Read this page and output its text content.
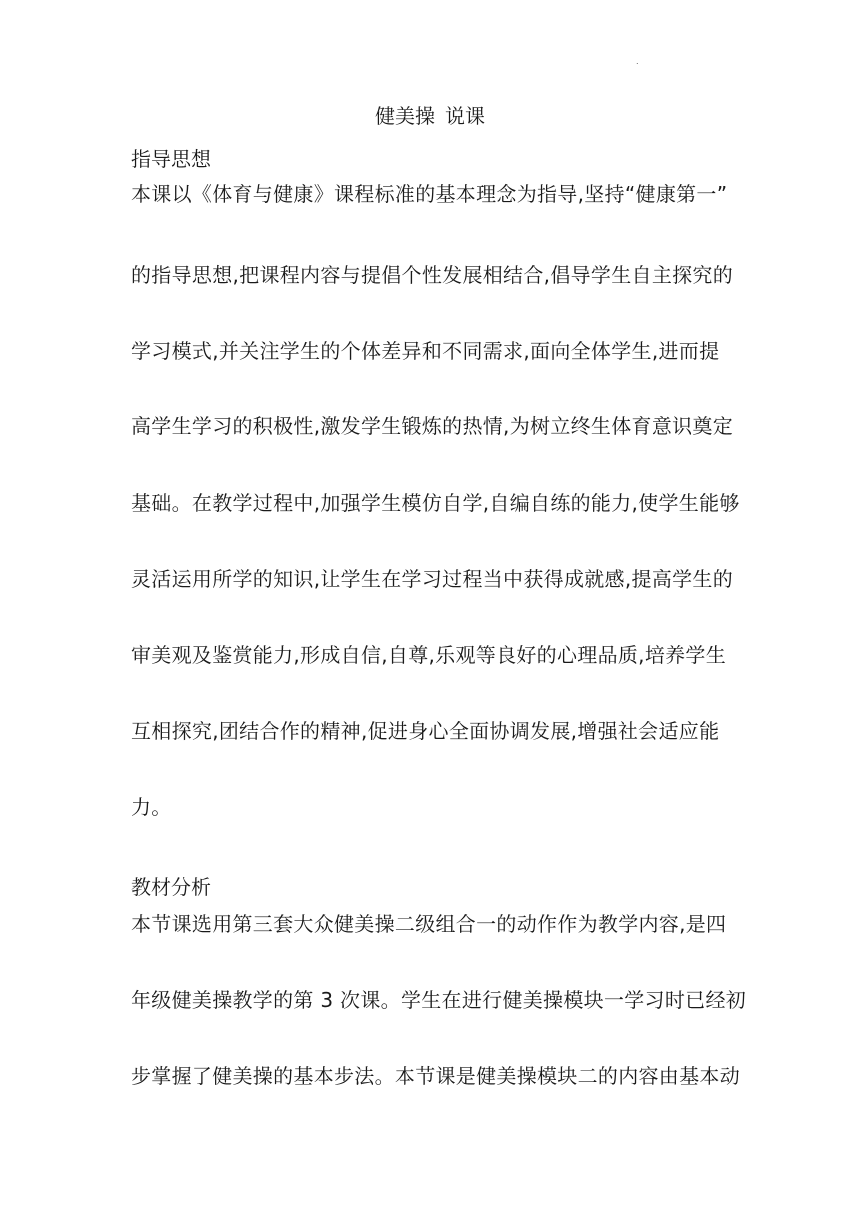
.
健美操 说课
指导思想
本课以《体育与健康》课程标准的基本理念为指导,坚持“健康第一”
的指导思想,把课程内容与提倡个性发展相结合,倡导学生自主探究的
学习模式,并关注学生的个体差异和不同需求,面向全体学生,进而提
高学生学习的积极性,激发学生锻炼的热情,为树立终生体育意识奠定
基础。在教学过程中,加强学生模仿自学,自编自练的能力,使学生能够
灵活运用所学的知识,让学生在学习过程当中获得成就感,提高学生的
审美观及鉴赏能力,形成自信,自尊,乐观等良好的心理品质,培养学生
互相探究,团结合作的精神,促进身心全面协调发展,增强社会适应能
力。
教材分析
本节课选用第三套大众健美操二级组合一的动作作为教学内容,是四
年级健美操教学的第 3 次课。学生在进行健美操模块一学习时已经初
步掌握了健美操的基本步法。本节课是健美操模块二的内容由基本动
